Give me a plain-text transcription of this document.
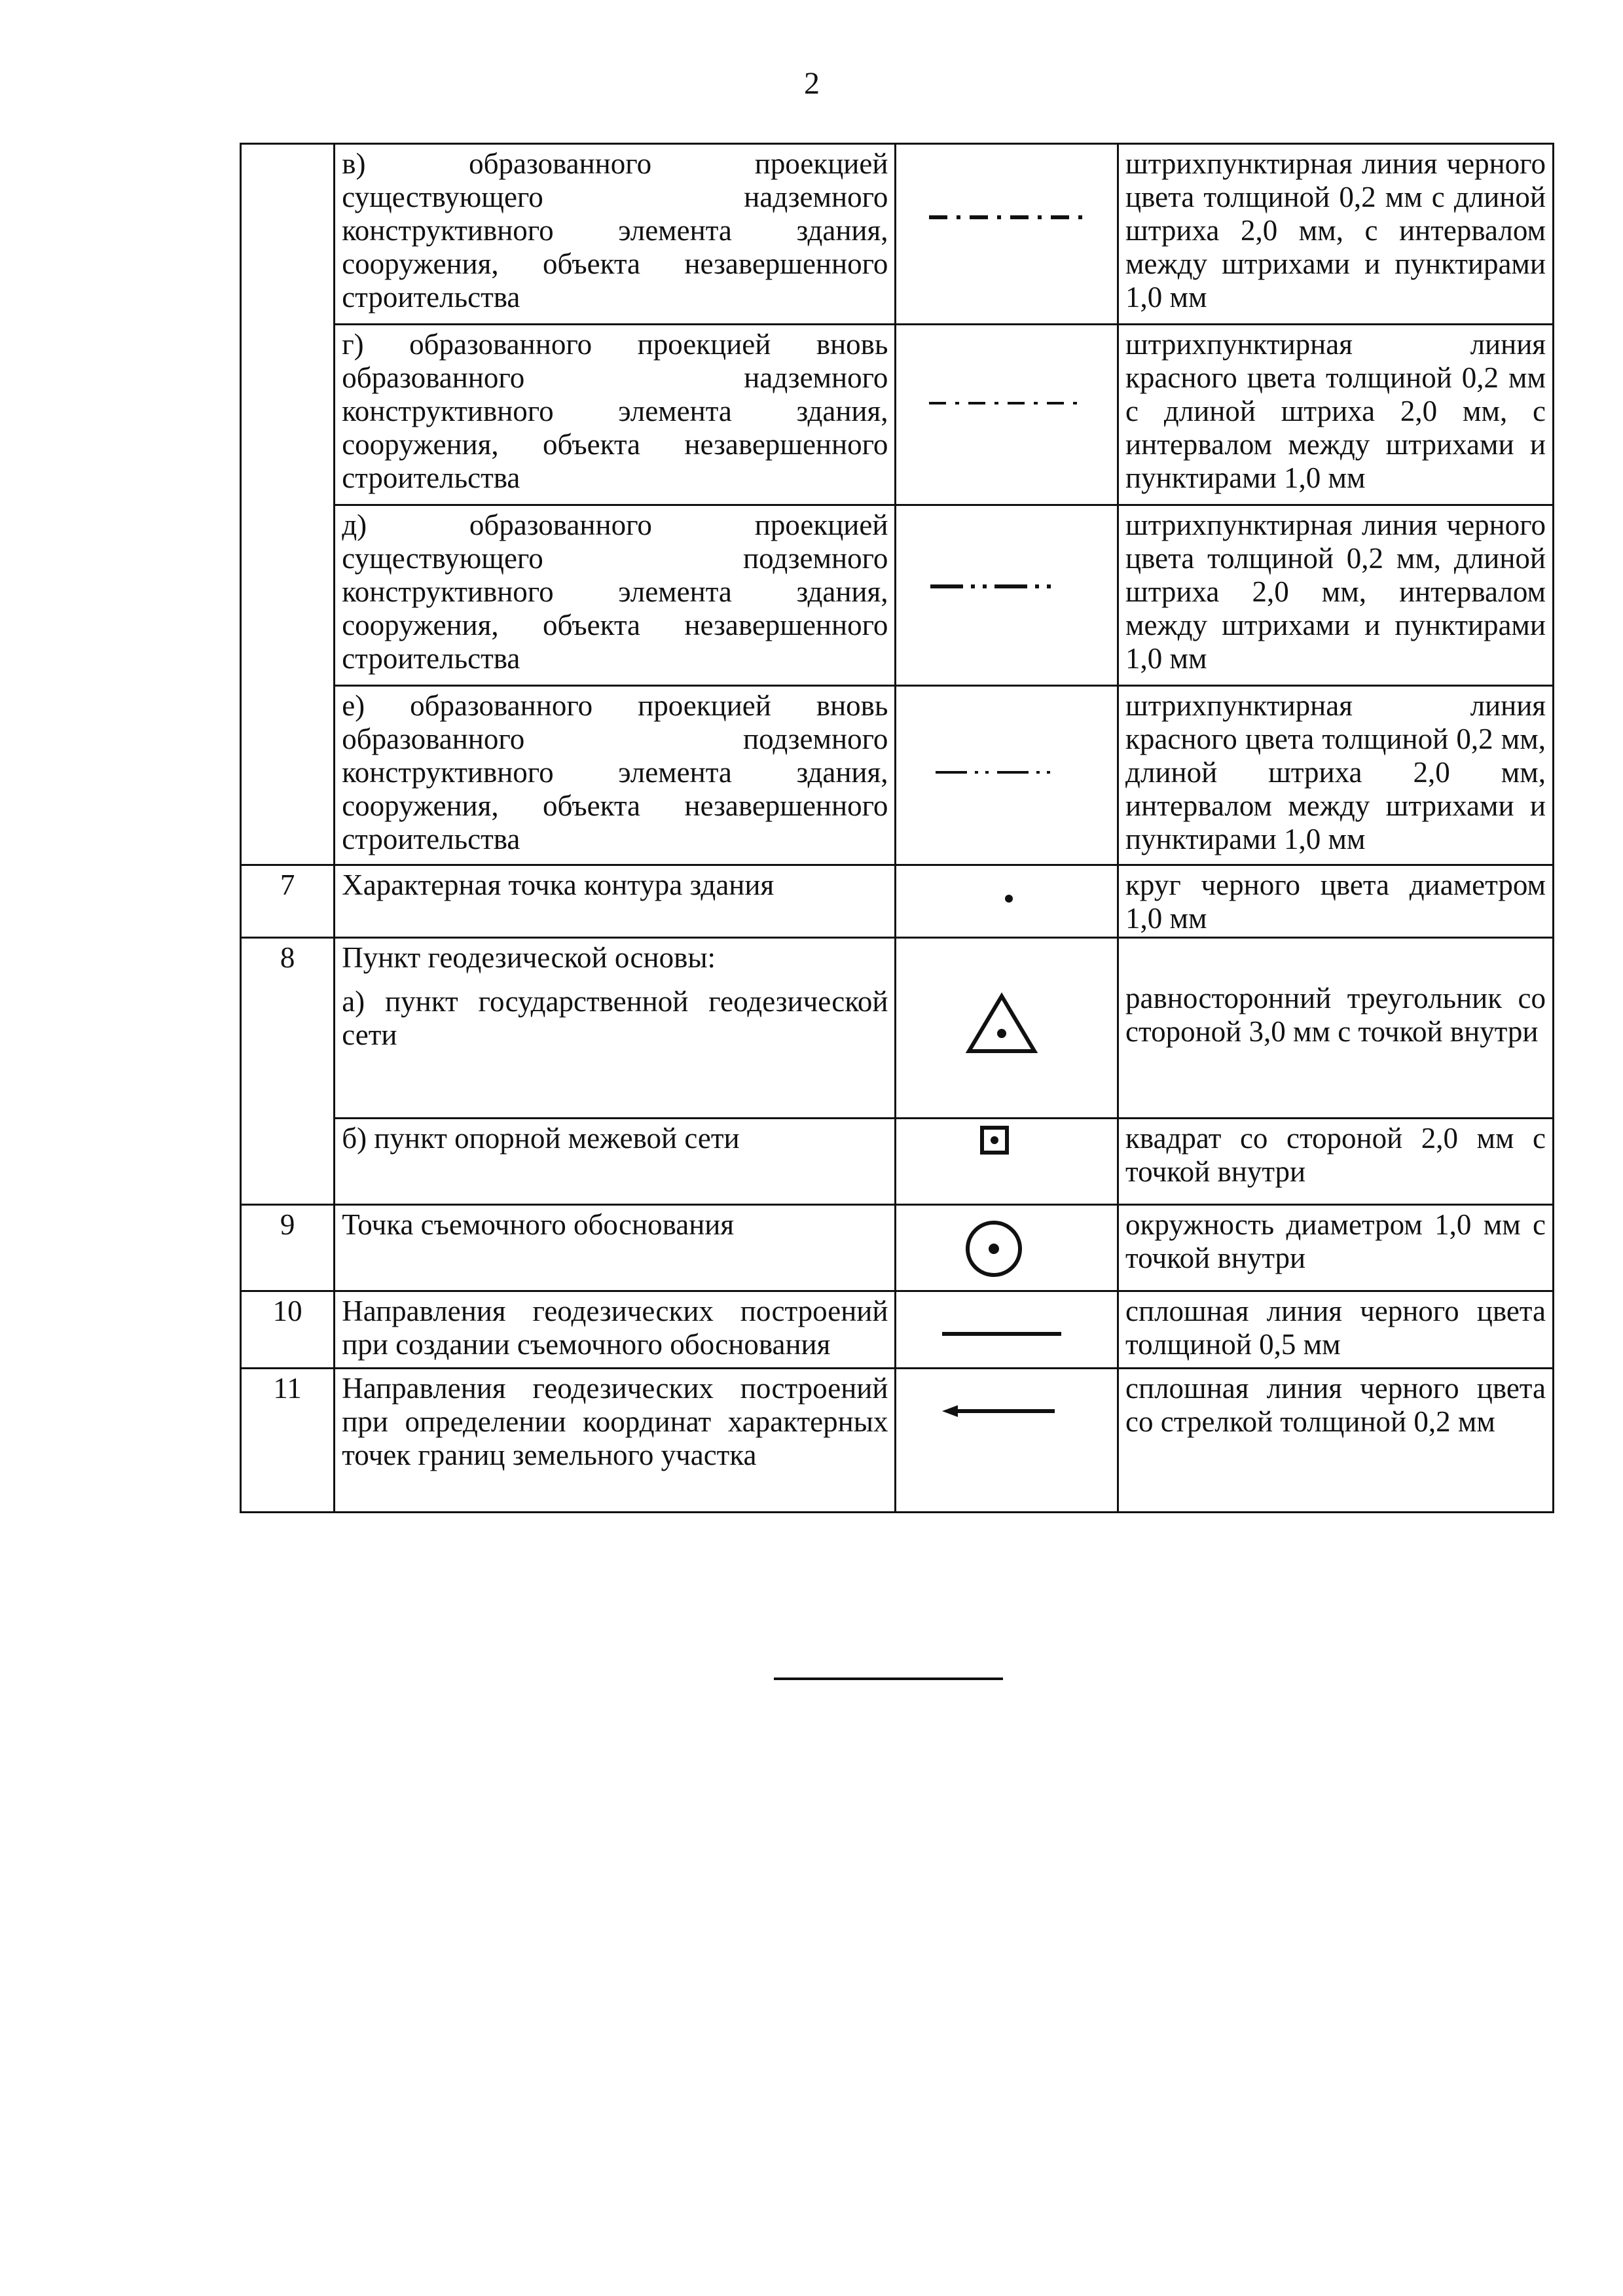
2

	в) образованного проекцией существующего надземного конструктивного элемента здания, сооружения, объекта незавершенного строительства		штрихпунктирная линия черного цвета толщиной 0,2 мм с длиной штриха 2,0 мм, с интервалом между штрихами и пунктирами 1,0 мм

	г) образованного проекцией вновь образованного надземного конструктивного элемента здания, сооружения, объекта незавершенного строительства		штрихпунктирная линия красного цвета толщиной 0,2 мм с длиной штриха 2,0 мм, с интервалом между штрихами и пунктирами 1,0 мм

	д) образованного проекцией существующего подземного конструктивного элемента здания, сооружения, объекта незавершенного строительства		штрихпунктирная линия черного цвета толщиной 0,2 мм, длиной штриха 2,0 мм, интервалом между штрихами и пунктирами 1,0 мм

	е) образованного проекцией вновь образованного подземного конструктивного элемента здания, сооружения, объекта незавершенного строительства		штрихпунктирная линия красного цвета толщиной 0,2 мм, длиной штриха 2,0 мм, интервалом между штрихами и пунктирами 1,0 мм

7	Характерная точка контура здания		круг черного цвета диаметром 1,0 мм

8	Пункт геодезической основы:
а) пункт государственной геодезической сети		равносторонний треугольник со стороной 3,0 мм с точкой внутри

	б) пункт опорной межевой сети		квадрат со стороной 2,0 мм с точкой внутри

9	Точка съемочного обоснования		окружность диаметром 1,0 мм с точкой внутри

10	Направления геодезических построений при создании съемочного обоснования		сплошная линия черного цвета толщиной 0,5 мм

11	Направления геодезических построений при определении координат характерных точек границ земельного участка		сплошная линия черного цвета со стрелкой толщиной 0,2 мм
